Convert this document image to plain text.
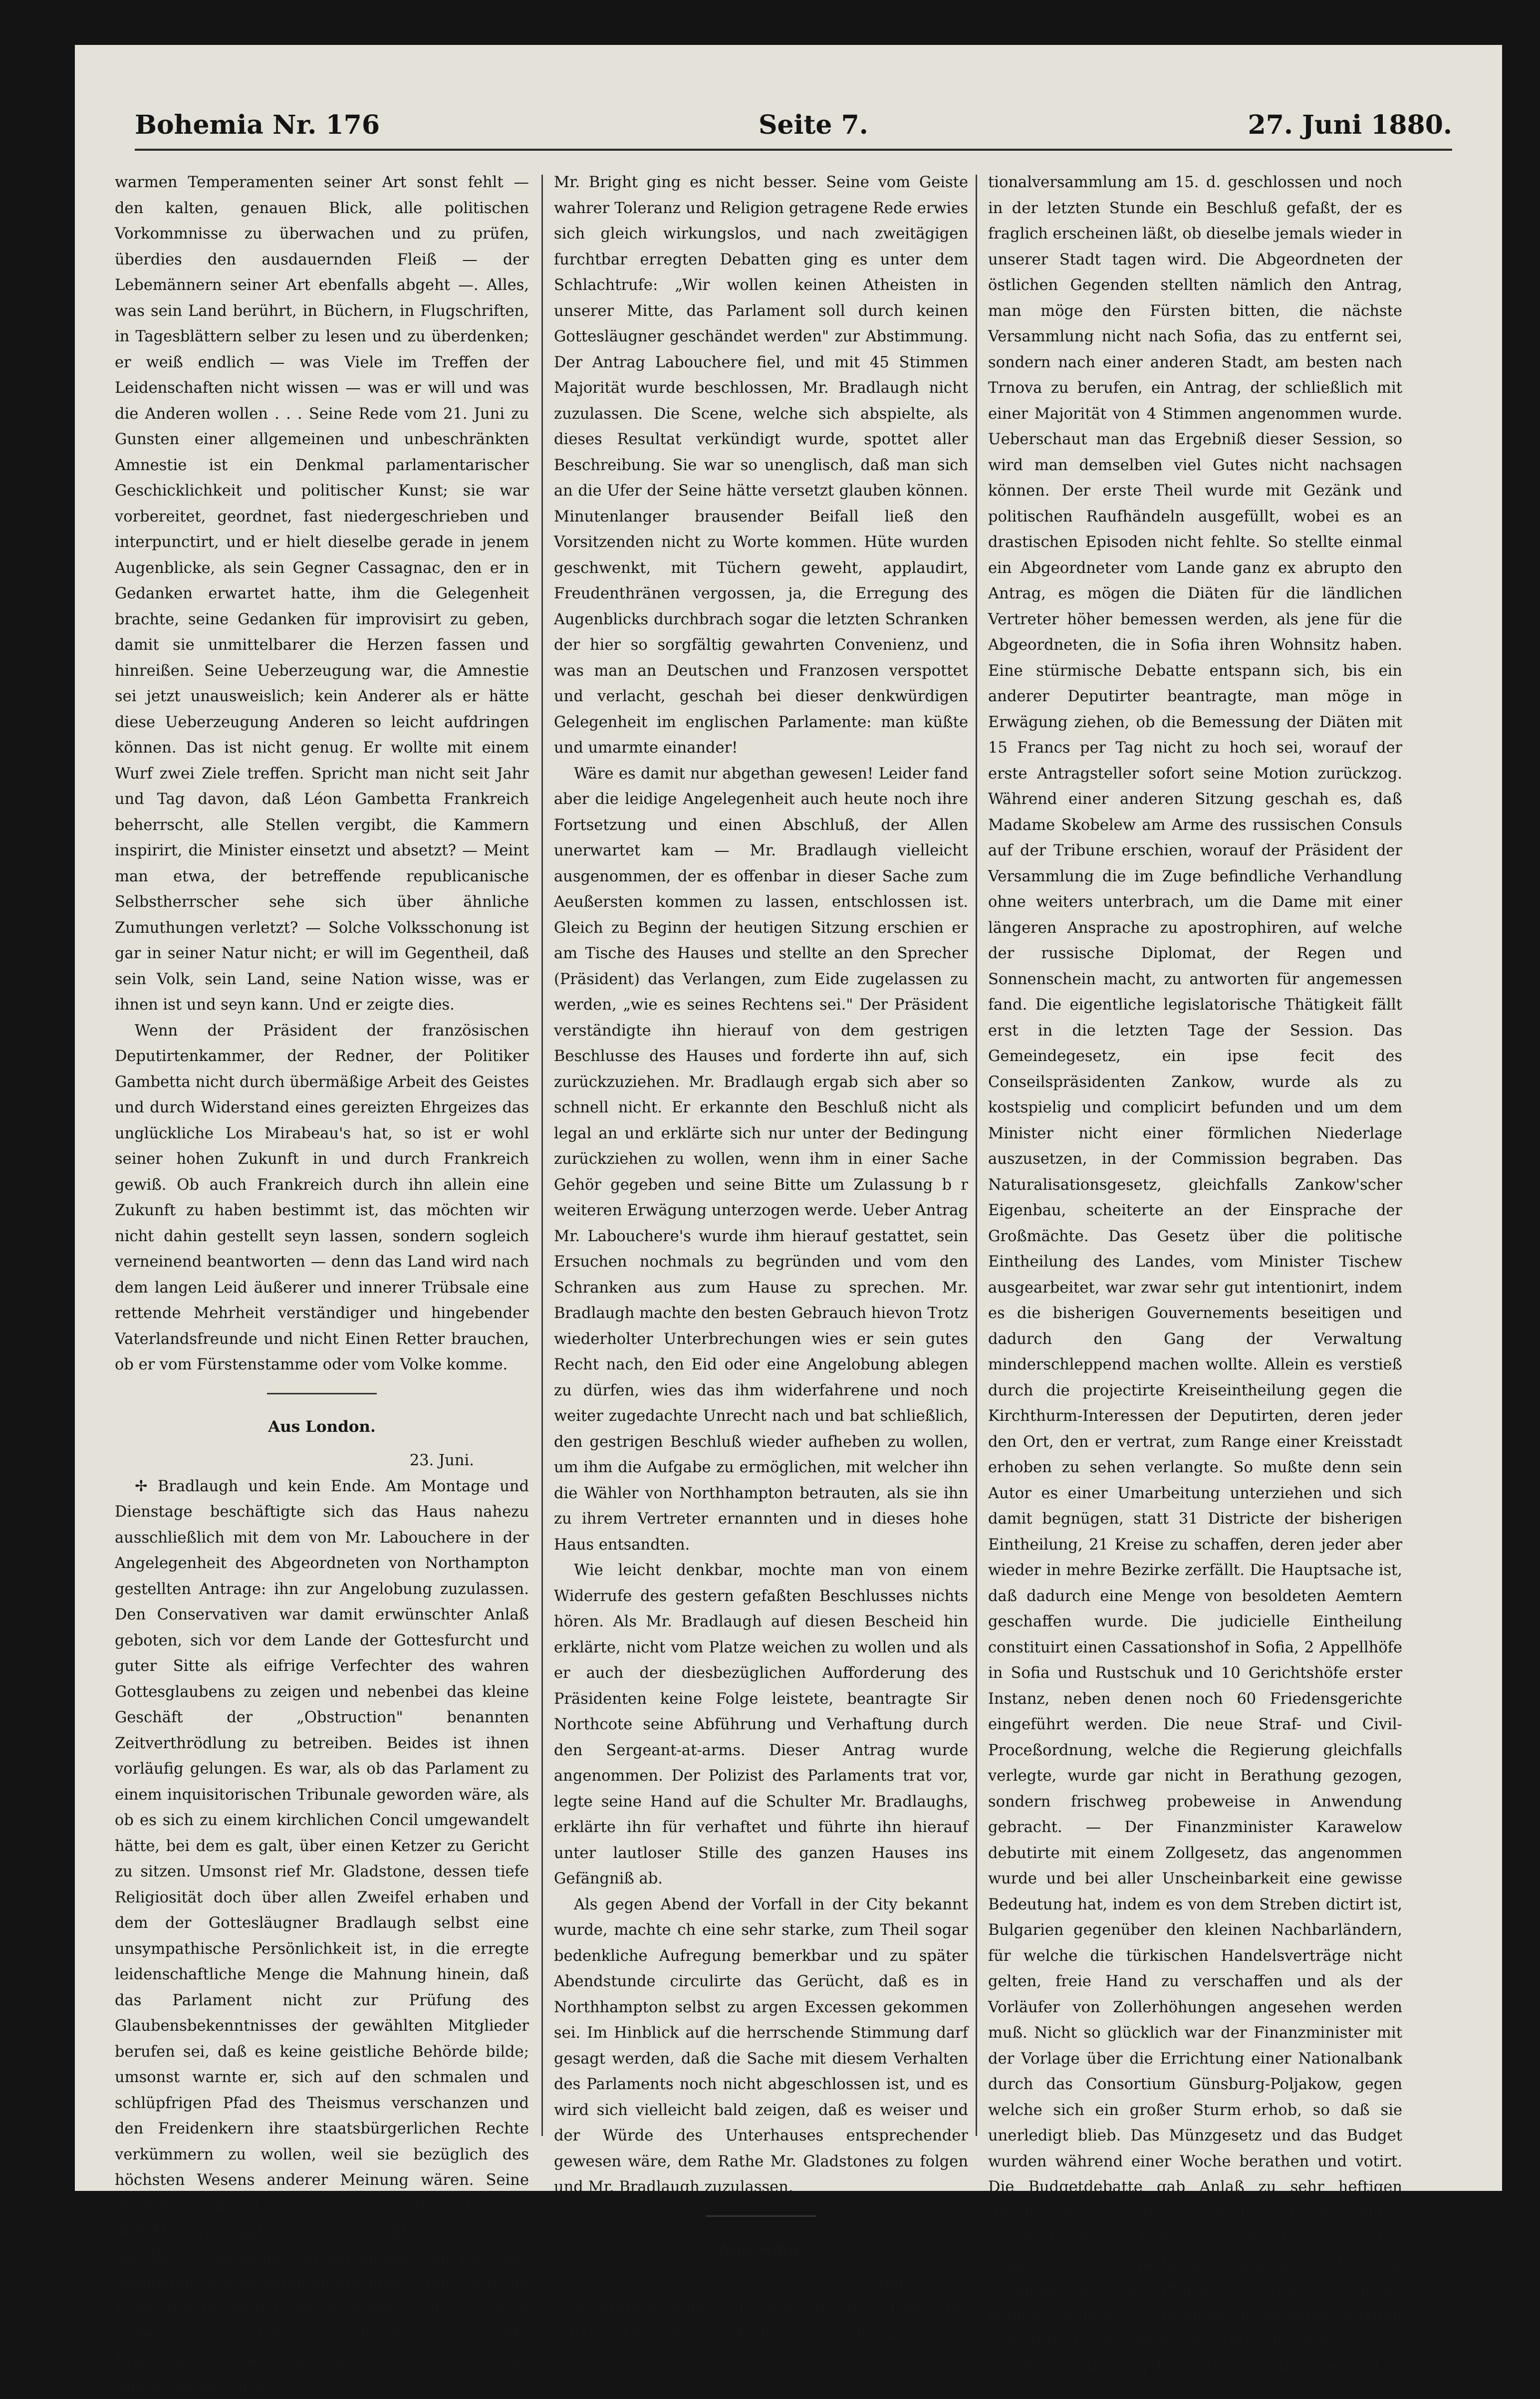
Bohemia Nr. 176	Seite 7.	27. Juni 1880.

warmen Temperamenten seiner Art sonst fehlt — den kalten, genauen Blick, alle politischen Vorkommnisse zu überwachen und zu prüfen, überdies den ausdauernden Fleiß — der Lebemännern seiner Art ebenfalls abgeht —. Alles, was sein Land berührt, in Büchern, in Flugschriften, in Tagesblättern selber zu lesen und zu überdenken; er weiß endlich — was Viele im Treffen der Leidenschaften nicht wissen — was er will und was die Anderen wollen . . . Seine Rede vom 21. Juni zu Gunsten einer allgemeinen und unbeschränkten Amnestie ist ein Denkmal parlamentarischer Geschicklichkeit und politischer Kunst; sie war vorbereitet, geordnet, fast niedergeschrieben und interpunctirt, und er hielt dieselbe gerade in jenem Augenblicke, als sein Gegner Cassagnac, den er in Gedanken erwartet hatte, ihm die Gelegenheit brachte, seine Gedanken für improvisirt zu geben, damit sie unmittelbarer die Herzen fassen und hinreißen. Seine Ueberzeugung war, die Amnestie sei jetzt unausweislich; kein Anderer als er hätte diese Ueberzeugung Anderen so leicht aufdringen können. Das ist nicht genug. Er wollte mit einem Wurf zwei Ziele treffen. Spricht man nicht seit Jahr und Tag davon, daß Léon Gambetta Frankreich beherrscht, alle Stellen vergibt, die Kammern inspirirt, die Minister einsetzt und absetzt? — Meint man etwa, der betreffende republicanische Selbstherrscher sehe sich über ähnliche Zumuthungen verletzt? — Solche Volksschonung ist gar in seiner Natur nicht; er will im Gegentheil, daß sein Volk, sein Land, seine Nation wisse, was er ihnen ist und seyn kann. Und er zeigte dies.

Wenn der Präsident der französischen Deputirtenkammer, der Redner, der Politiker Gambetta nicht durch übermäßige Arbeit des Geistes und durch Widerstand eines gereizten Ehrgeizes das unglückliche Los Mirabeau's hat, so ist er wohl seiner hohen Zukunft in und durch Frankreich gewiß. Ob auch Frankreich durch ihn allein eine Zukunft zu haben bestimmt ist, das möchten wir nicht dahin gestellt seyn lassen, sondern sogleich verneinend beantworten — denn das Land wird nach dem langen Leid äußerer und innerer Trübsale eine rettende Mehrheit verständiger und hingebender Vaterlandsfreunde und nicht Einen Retter brauchen, ob er vom Fürstenstamme oder vom Volke komme.

Aus London.
23. Juni.

✢ Bradlaugh und kein Ende. Am Montage und Dienstage beschäftigte sich das Haus nahezu ausschließlich mit dem von Mr. Labouchere in der Angelegenheit des Abgeordneten von Northampton gestellten Antrage: ihn zur Angelobung zuzulassen. Den Conservativen war damit erwünschter Anlaß geboten, sich vor dem Lande der Gottesfurcht und guter Sitte als eifrige Verfechter des wahren Gottesglaubens zu zeigen und nebenbei das kleine Geschäft der „Obstruction" benannten Zeitverthrödlung zu betreiben. Beides ist ihnen vorläufig gelungen. Es war, als ob das Parlament zu einem inquisitorischen Tribunale geworden wäre, als ob es sich zu einem kirchlichen Concil umgewandelt hätte, bei dem es galt, über einen Ketzer zu Gericht zu sitzen. Umsonst rief Mr. Gladstone, dessen tiefe Religiosität doch über allen Zweifel erhaben und dem der Gottesläugner Bradlaugh selbst eine unsympathische Persönlichkeit ist, in die erregte leidenschaftliche Menge die Mahnung hinein, daß das Parlament nicht zur Prüfung des Glaubensbekenntnisses der gewählten Mitglieder berufen sei, daß es keine geistliche Behörde bilde; umsonst warnte er, sich auf den schmalen und schlüpfrigen Pfad des Theismus verschanzen und den Freidenkern ihre staatsbürgerlichen Rechte verkümmern zu wollen, weil sie bezüglich des höchsten Wesens anderer Meinung wären. Seine Ausführungen und die von ihm verkündete Meinung, daß Mr. Bradlaugh vom Standpunkte des Gesetzes das Recht zuerkannt werden müsse, den Eid oder wenigstens die Angelobung abzulegen, hatte nur die Folge, daß die Wogen der religiösen Ereiferung noch höher gingen, und daß man Mr. Gladstone mit Mr. Bradlaugh in einen Topf warf und über beide das Anathema aussprach.

Mr. Bright ging es nicht besser. Seine vom Geiste wahrer Toleranz und Religion getragene Rede erwies sich gleich wirkungslos, und nach zweitägigen furchtbar erregten Debatten ging es unter dem Schlachtrufe: „Wir wollen keinen Atheisten in unserer Mitte, das Parlament soll durch keinen Gottesläugner geschändet werden" zur Abstimmung. Der Antrag Labouchere fiel, und mit 45 Stimmen Majorität wurde beschlossen, Mr. Bradlaugh nicht zuzulassen. Die Scene, welche sich abspielte, als dieses Resultat verkündigt wurde, spottet aller Beschreibung. Sie war so unenglisch, daß man sich an die Ufer der Seine hätte versetzt glauben können. Minutenlanger brausender Beifall ließ den Vorsitzenden nicht zu Worte kommen. Hüte wurden geschwenkt, mit Tüchern geweht, applaudirt, Freudenthränen vergossen, ja, die Erregung des Augenblicks durchbrach sogar die letzten Schranken der hier so sorgfältig gewahrten Convenienz, und was man an Deutschen und Franzosen verspottet und verlacht, geschah bei dieser denkwürdigen Gelegenheit im englischen Parlamente: man küßte und umarmte einander!

Wäre es damit nur abgethan gewesen! Leider fand aber die leidige Angelegenheit auch heute noch ihre Fortsetzung und einen Abschluß, der Allen unerwartet kam — Mr. Bradlaugh vielleicht ausgenommen, der es offenbar in dieser Sache zum Aeußersten kommen zu lassen, entschlossen ist. Gleich zu Beginn der heutigen Sitzung erschien er am Tische des Hauses und stellte an den Sprecher (Präsident) das Verlangen, zum Eide zugelassen zu werden, „wie es seines Rechtens sei." Der Präsident verständigte ihn hierauf von dem gestrigen Beschlusse des Hauses und forderte ihn auf, sich zurückzuziehen. Mr. Bradlaugh ergab sich aber so schnell nicht. Er erkannte den Beschluß nicht als legal an und erklärte sich nur unter der Bedingung zurückziehen zu wollen, wenn ihm in einer Sache Gehör gegeben und seine Bitte um Zulassung b r weiteren Erwägung unterzogen werde. Ueber Antrag Mr. Labouchere's wurde ihm hierauf gestattet, sein Ersuchen nochmals zu begründen und vom den Schranken aus zum Hause zu sprechen. Mr. Bradlaugh machte den besten Gebrauch hievon Trotz wiederholter Unterbrechungen wies er sein gutes Recht nach, den Eid oder eine Angelobung ablegen zu dürfen, wies das ihm widerfahrene und noch weiter zugedachte Unrecht nach und bat schließlich, den gestrigen Beschluß wieder aufheben zu wollen, um ihm die Aufgabe zu ermöglichen, mit welcher ihn die Wähler von Northhampton betrauten, als sie ihn zu ihrem Vertreter ernannten und in dieses hohe Haus entsandten.

Wie leicht denkbar, mochte man von einem Widerrufe des gestern gefaßten Beschlusses nichts hören. Als Mr. Bradlaugh auf diesen Bescheid hin erklärte, nicht vom Platze weichen zu wollen und als er auch der diesbezüglichen Aufforderung des Präsidenten keine Folge leistete, beantragte Sir Northcote seine Abführung und Verhaftung durch den Sergeant-at-arms. Dieser Antrag wurde angenommen. Der Polizist des Parlaments trat vor, legte seine Hand auf die Schulter Mr. Bradlaughs, erklärte ihn für verhaftet und führte ihn hierauf unter lautloser Stille des ganzen Hauses ins Gefängniß ab.

Als gegen Abend der Vorfall in der City bekannt wurde, machte ch eine sehr starke, zum Theil sogar bedenkliche Aufregung bemerkbar und zu später Abendstunde circulirte das Gerücht, daß es in Northhampton selbst zu argen Excessen gekommen sei. Im Hinblick auf die herrschende Stimmung darf gesagt werden, daß die Sache mit diesem Verhalten des Parlaments noch nicht abgeschlossen ist, und es wird sich vielleicht bald zeigen, daß es weiser und der Würde des Unterhauses entsprechender gewesen wäre, dem Rathe Mr. Gladstones zu folgen und Mr. Bradlaugh zuzulassen.

Aus Sofia.
18. Juni.

✢ Mittelst eines aus Wien datirten Ukas des Fürsten Alexander wurde die bulgarische Na-

tionalversammlung am 15. d. geschlossen und noch in der letzten Stunde ein Beschluß gefaßt, der es fraglich erscheinen läßt, ob dieselbe jemals wieder in unserer Stadt tagen wird. Die Abgeordneten der östlichen Gegenden stellten nämlich den Antrag, man möge den Fürsten bitten, die nächste Versammlung nicht nach Sofia, das zu entfernt sei, sondern nach einer anderen Stadt, am besten nach Trnova zu berufen, ein Antrag, der schließlich mit einer Majorität von 4 Stimmen angenommen wurde. Ueberschaut man das Ergebniß dieser Session, so wird man demselben viel Gutes nicht nachsagen können. Der erste Theil wurde mit Gezänk und politischen Raufhändeln ausgefüllt, wobei es an drastischen Episoden nicht fehlte. So stellte einmal ein Abgeordneter vom Lande ganz ex abrupto den Antrag, es mögen die Diäten für die ländlichen Vertreter höher bemessen werden, als jene für die Abgeordneten, die in Sofia ihren Wohnsitz haben. Eine stürmische Debatte entspann sich, bis ein anderer Deputirter beantragte, man möge in Erwägung ziehen, ob die Bemessung der Diäten mit 15 Francs per Tag nicht zu hoch sei, worauf der erste Antragsteller sofort seine Motion zurückzog. Während einer anderen Sitzung geschah es, daß Madame Skobelew am Arme des russischen Consuls auf der Tribune erschien, worauf der Präsident der Versammlung die im Zuge befindliche Verhandlung ohne weiters unterbrach, um die Dame mit einer längeren Ansprache zu apostrophiren, auf welche der russische Diplomat, der Regen und Sonnenschein macht, zu antworten für angemessen fand. Die eigentliche legislatorische Thätigkeit fällt erst in die letzten Tage der Session. Das Gemeindegesetz, ein ipse fecit des Conseilspräsidenten Zankow, wurde als zu kostspielig und complicirt befunden und um dem Minister nicht einer förmlichen Niederlage auszusetzen, in der Commission begraben. Das Naturalisationsgesetz, gleichfalls Zankow'scher Eigenbau, scheiterte an der Einsprache der Großmächte. Das Gesetz über die politische Eintheilung des Landes, vom Minister Tischew ausgearbeitet, war zwar sehr gut intentionirt, indem es die bisherigen Gouvernements beseitigen und dadurch den Gang der Verwaltung minderschleppend machen wollte. Allein es verstieß durch die projectirte Kreiseintheilung gegen die Kirchthurm-Interessen der Deputirten, deren jeder den Ort, den er vertrat, zum Range einer Kreisstadt erhoben zu sehen verlangte. So mußte denn sein Autor es einer Umarbeitung unterziehen und sich damit begnügen, statt 31 Districte der bisherigen Eintheilung, 21 Kreise zu schaffen, deren jeder aber wieder in mehre Bezirke zerfällt. Die Hauptsache ist, daß dadurch eine Menge von besoldeten Aemtern geschaffen wurde. Die judicielle Eintheilung constituirt einen Cassationshof in Sofia, 2 Appellhöfe in Sofia und Rustschuk und 10 Gerichtshöfe erster Instanz, neben denen noch 60 Friedensgerichte eingeführt werden. Die neue Straf- und Civil-Proceßordnung, welche die Regierung gleichfalls verlegte, wurde gar nicht in Berathung gezogen, sondern frischweg probeweise in Anwendung gebracht. — Der Finanzminister Karawelow debutirte mit einem Zollgesetz, das angenommen wurde und bei aller Unscheinbarkeit eine gewisse Bedeutung hat, indem es von dem Streben dictirt ist, Bulgarien gegenüber den kleinen Nachbarländern, für welche die türkischen Handelsverträge nicht gelten, freie Hand zu verschaffen und als der Vorläufer von Zollerhöhungen angesehen werden muß. Nicht so glücklich war der Finanzminister mit der Vorlage über die Errichtung einer Nationalbank durch das Consortium Günsburg-Poljakow, gegen welche sich ein großer Sturm erhob, so daß sie unerledigt blieb. Das Münzgesetz und das Budget wurden während einer Woche berathen und votirt. Die Budgetdebatte gab Anlaß zu sehr heftigen Recriminationen wegen der Berufung und Anstellung von Ausländern im bulgarischen Staatsdienst, und in Folge einer Interpellation Stambulews, die sich besonders mit der Affaire des Franzosen Hoché befaßte, stellten 25 Mitglieder in geheimer Sitzung den Antrag, den ehemaligen Minister Ratschowits, der diese Anstellung durchführte, in Anklagestand
